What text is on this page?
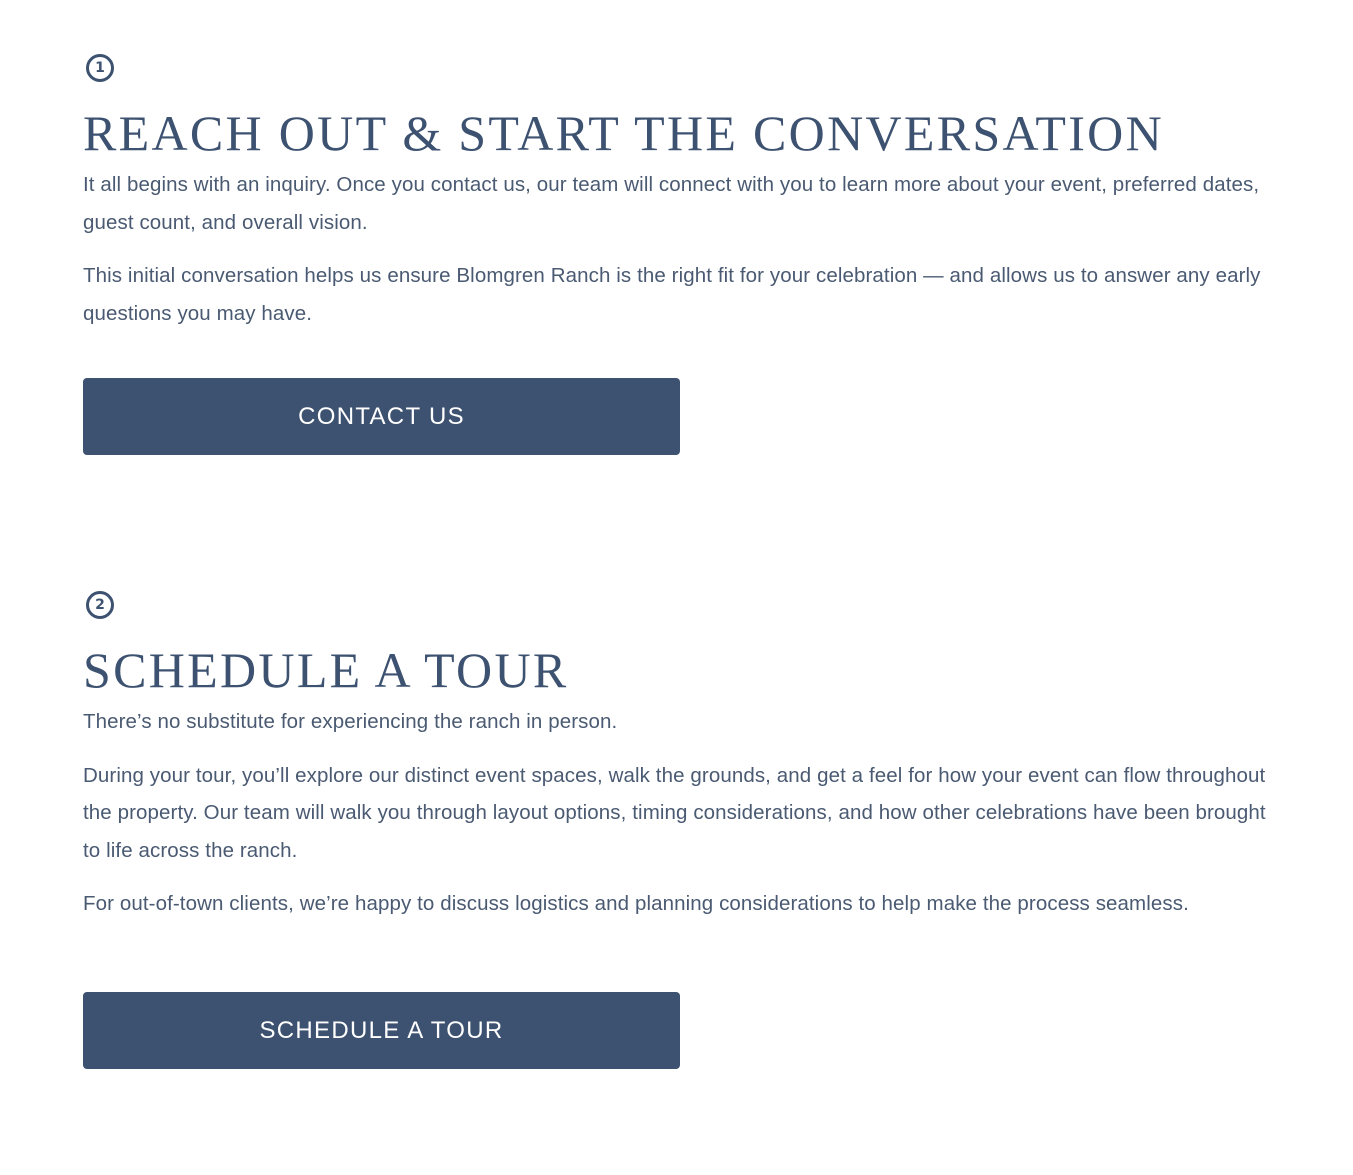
1
REACH OUT & START THE CONVERSATION

It all begins with an inquiry. Once you contact us, our team will connect with you to learn more about your event, preferred dates, guest count, and overall vision.

This initial conversation helps us ensure Blomgren Ranch is the right fit for your celebration — and allows us to answer any early questions you may have.

CONTACT US
2
SCHEDULE A TOUR

There’s no substitute for experiencing the ranch in person.

During your tour, you’ll explore our distinct event spaces, walk the grounds, and get a feel for how your event can flow throughout the property. Our team will walk you through layout options, timing considerations, and how other celebrations have been brought to life across the ranch.

For out-of-town clients, we’re happy to discuss logistics and planning considerations to help make the process seamless.

SCHEDULE A TOUR
